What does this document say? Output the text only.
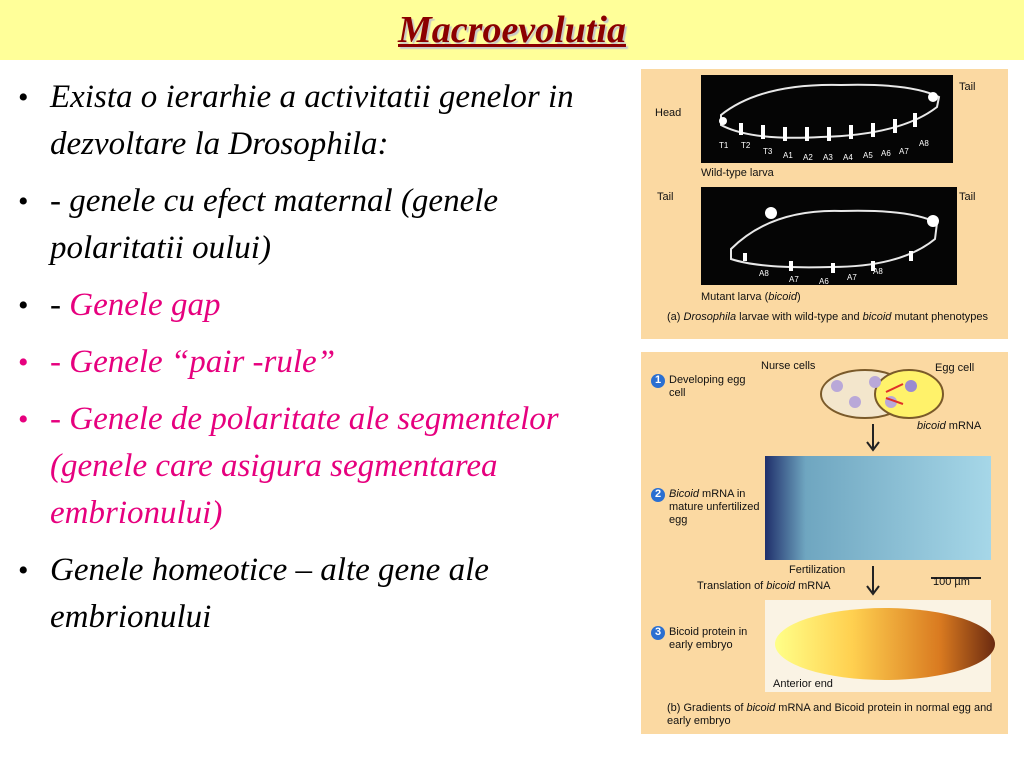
Macroevolutia
• Exista o ierarhie a activitatii genelor in dezvoltare la Drosophila:
• - genele cu efect maternal (genele polaritatii oului)
• - Genele gap
• - Genele “pair -rule”
• - Genele de polaritate ale segmentelor (genele care asigura segmentarea embrionului)
• Genele homeotice – alte gene ale embrionului
Head
Tail
T1 T2
T3 A1 A2 A3 A4 A5 A6 A7
A8
Wild-type larva
Tail	Tail
A8
A7	A6 A7
A8
Mutant larva (bicoid)
(a) Drosophila larvae with wild-type and bicoid mutant phenotypes
Nurse cells	Egg cell
bicoid mRNA
1 Developing egg cell
2 Bicoid mRNA in mature unfertilized egg
Fertilization
Translation of bicoid mRNA	100 µm
3 Bicoid protein in early embryo
Anterior end
(b) Gradients of bicoid mRNA and Bicoid protein in normal egg and early embryo
